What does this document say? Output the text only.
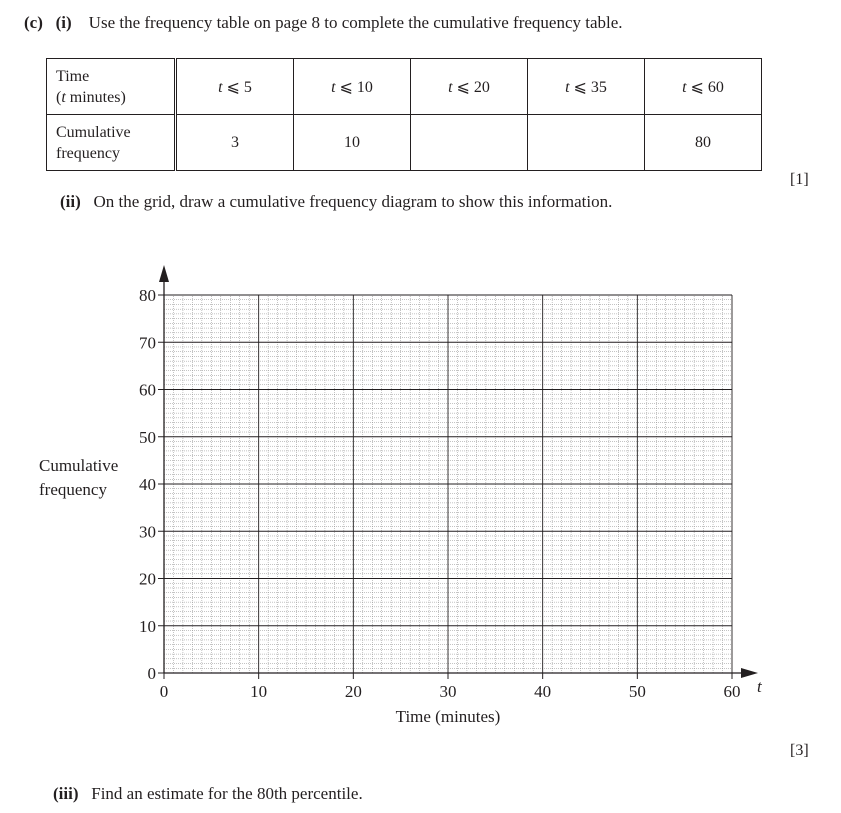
(c) (i) Use the frequency table on page 8 to complete the cumulative frequency table.
Time
(t minutes)	t ⩽ 5	t ⩽ 10	t ⩽ 20	t ⩽ 35	t ⩽ 60
Cumulative
frequency	3	10			80
[1]
(ii) On the grid, draw a cumulative frequency diagram to show this information.
Cumulative
frequency
0
10
20
30
40
50
60
70
80
0	10	20	30	40	50	60
Time (minutes)
t
[3]
(iii) Find an estimate for the 80th percentile.
